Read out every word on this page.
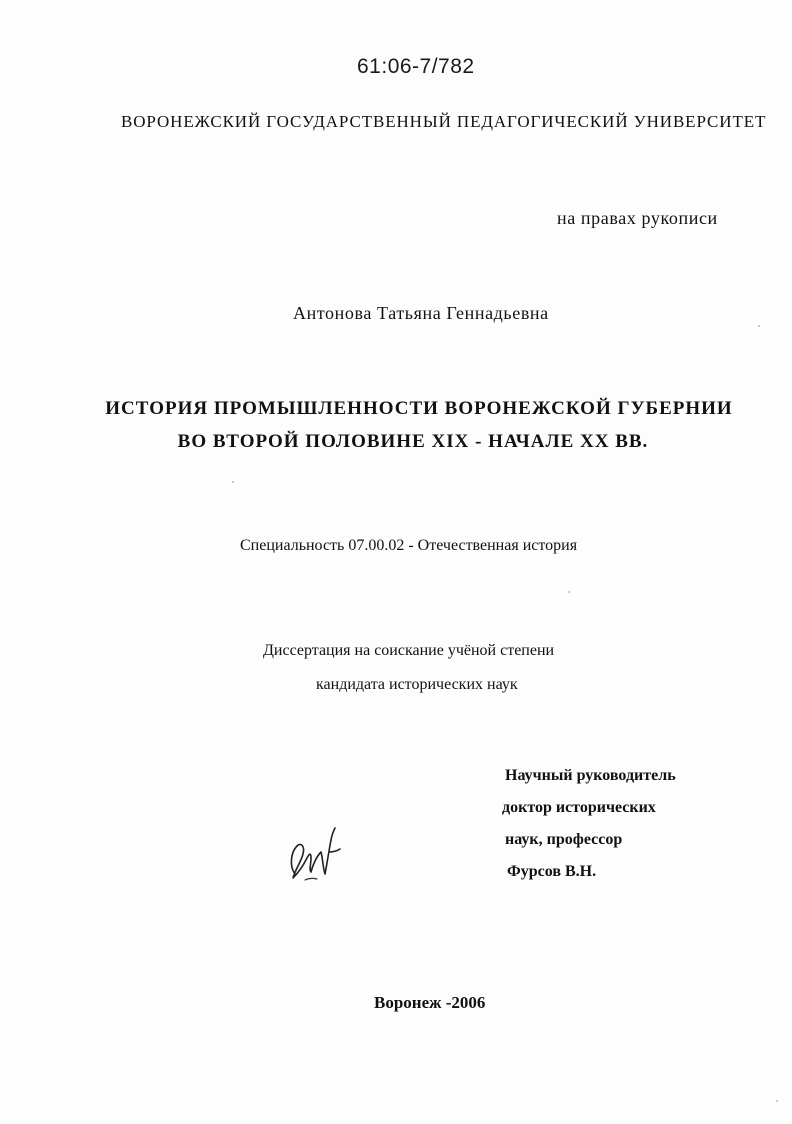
61:06-7/782
ВОРОНЕЖСКИЙ ГОСУДАРСТВЕННЫЙ ПЕДАГОГИЧЕСКИЙ УНИВЕРСИТЕТ
на правах рукописи
Антонова Татьяна Геннадьевна
ИСТОРИЯ ПРОМЫШЛЕННОСТИ ВОРОНЕЖСКОЙ ГУБЕРНИИ
ВО ВТОРОЙ ПОЛОВИНЕ XIX - НАЧАЛЕ XX ВВ.
Специальность 07.00.02 - Отечественная история
Диссертация на соискание учёной степени
кандидата исторических наук
Научный руководитель
доктор исторических
наук, профессор
Фурсов В.Н.
Воронеж -2006
